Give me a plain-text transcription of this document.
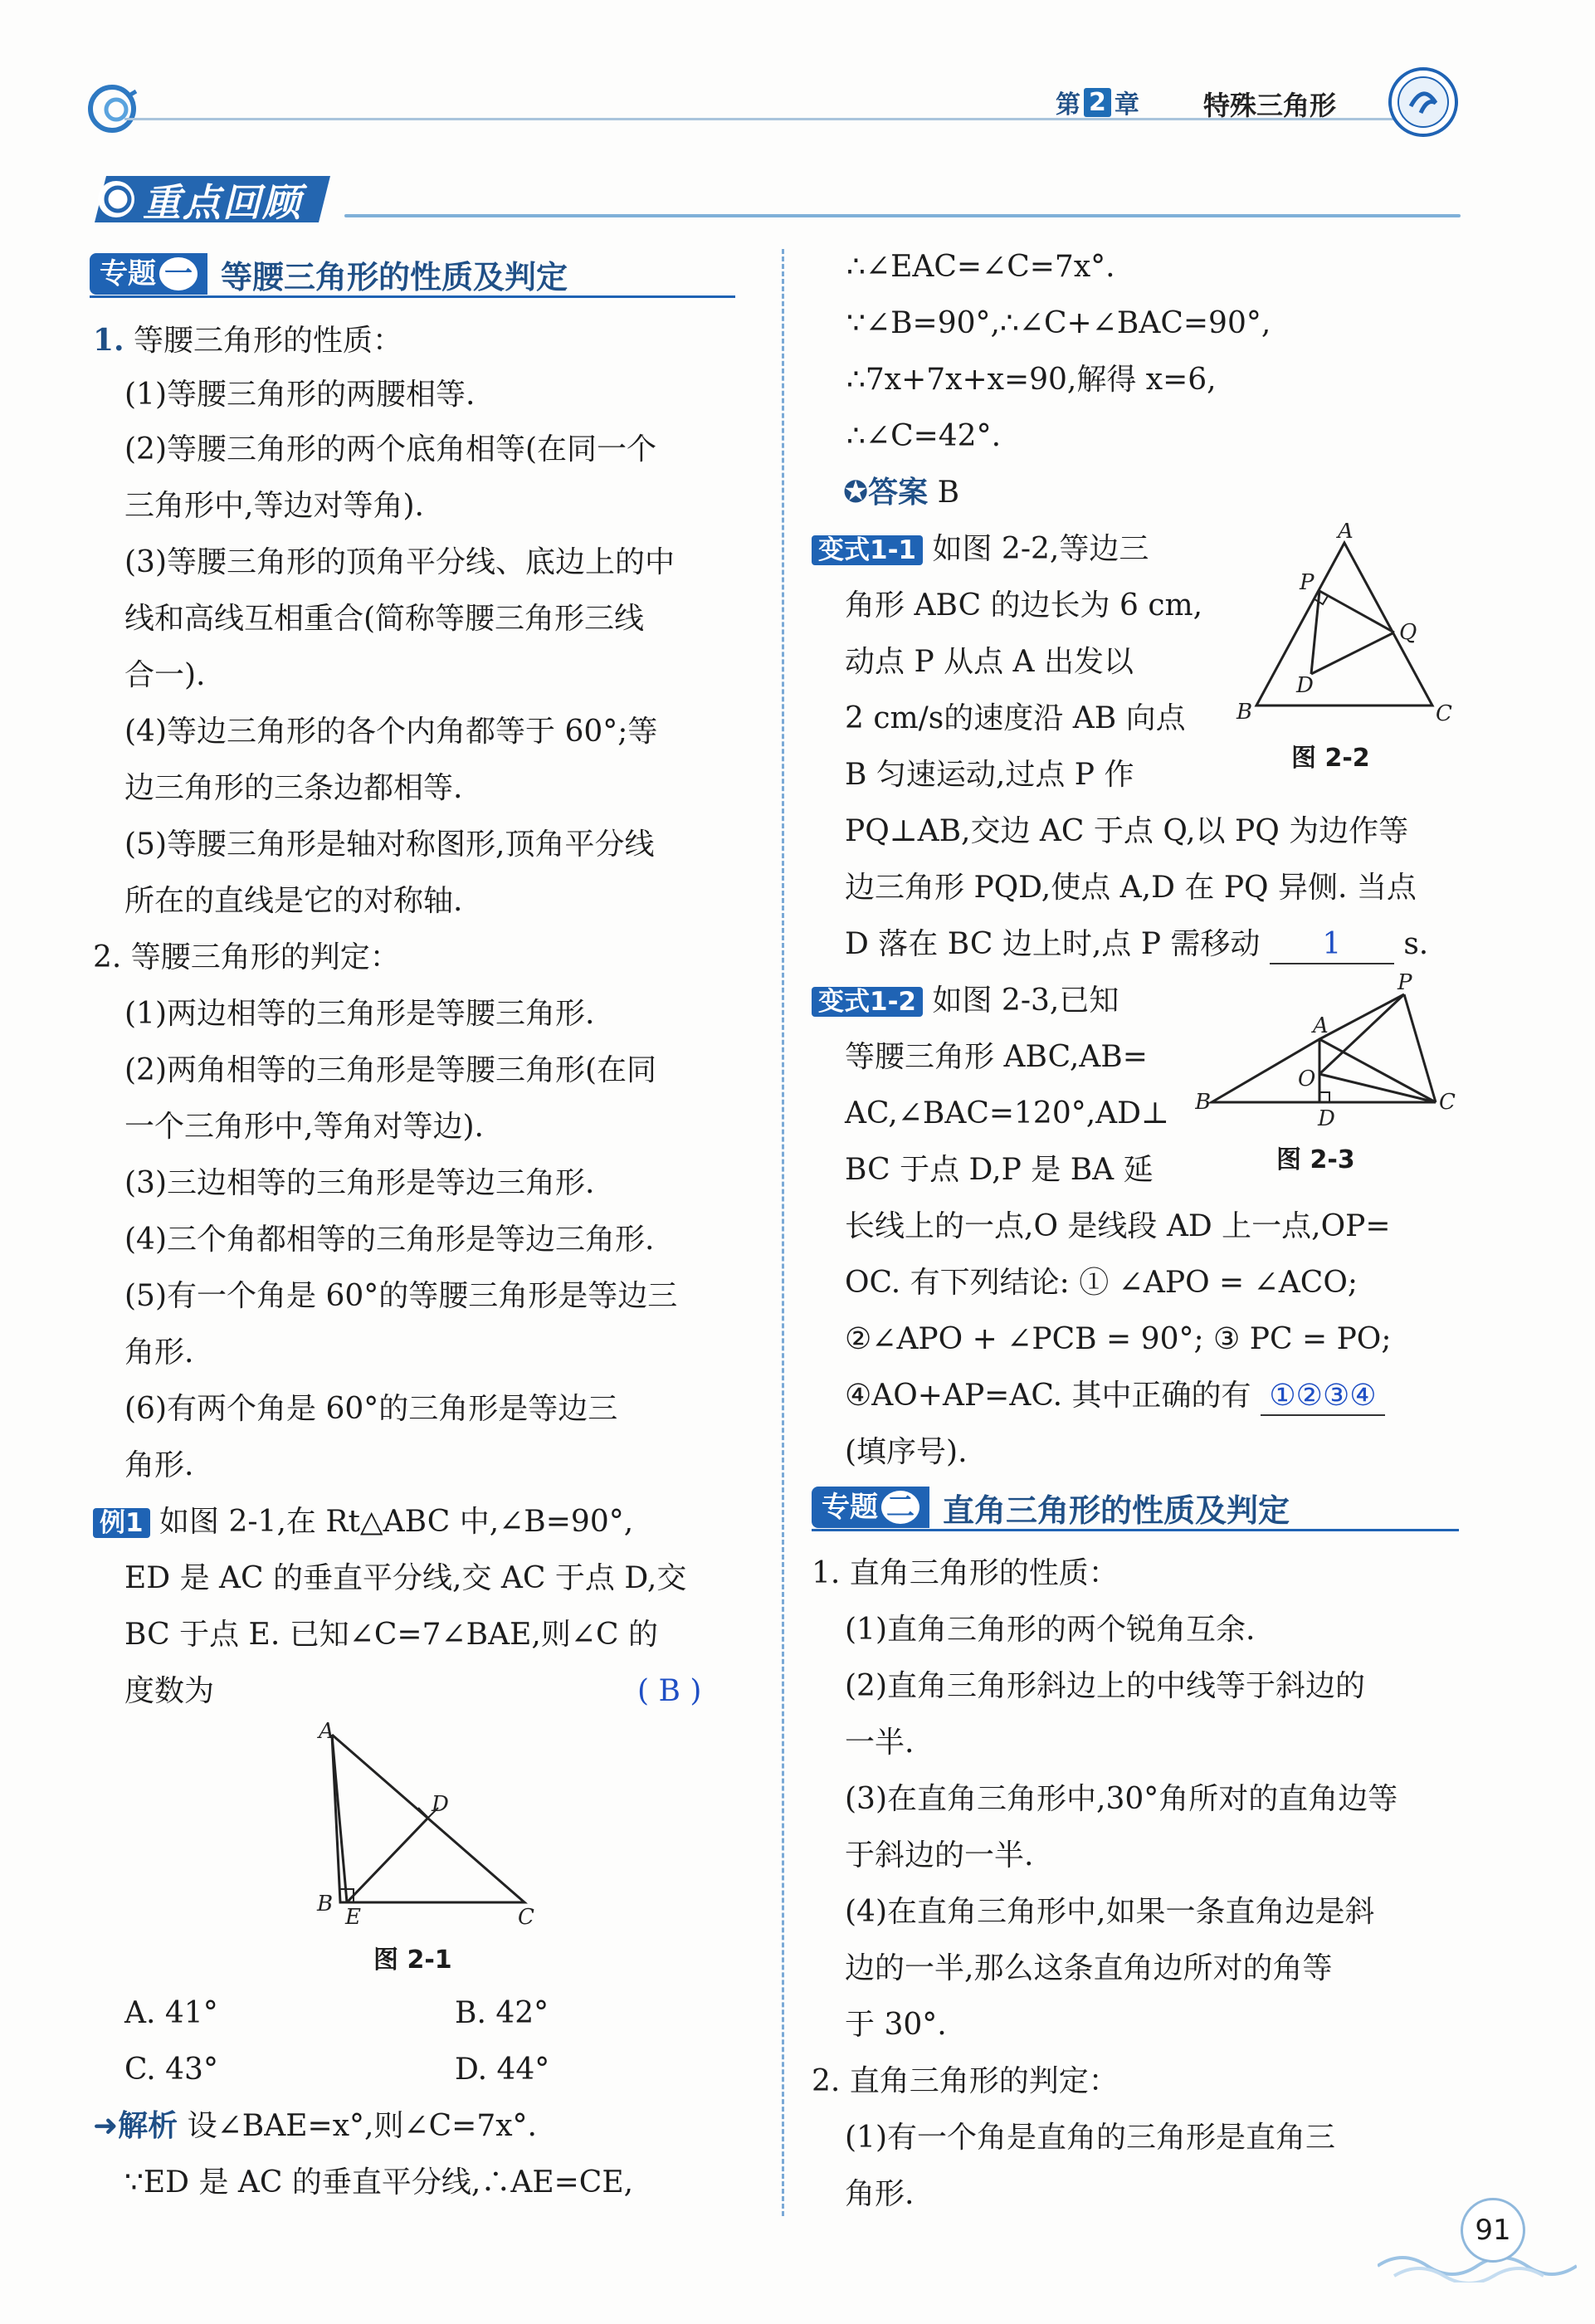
第 2 章 特殊三角形
重点回顾
专题 一 等腰三角形的性质及判定
1. 等腰三角形的性质：
(1)等腰三角形的两腰相等.
(2)等腰三角形的两个底角相等(在同一个
三角形中,等边对等角).
(3)等腰三角形的顶角平分线、底边上的中
线和高线互相重合(简称等腰三角形三线
合一).
(4)等边三角形的各个内角都等于 60°;等
边三角形的三条边都相等.
(5)等腰三角形是轴对称图形,顶角平分线
所在的直线是它的对称轴.
2. 等腰三角形的判定：
(1)两边相等的三角形是等腰三角形.
(2)两角相等的三角形是等腰三角形(在同
一个三角形中,等角对等边).
(3)三边相等的三角形是等边三角形.
(4)三个角都相等的三角形是等边三角形.
(5)有一个角是 60°的等腰三角形是等边三
角形.
(6)有两个角是 60°的三角形是等边三
角形.
例1 如图 2-1,在 Rt△ABC 中,∠B=90°,
ED 是 AC 的垂直平分线,交 AC 于点 D,交
BC 于点 E. 已知∠C=7∠BAE,则∠C 的
度数为	( B )
A
D
B
E	C
图 2-1
A. 41°	B. 42°
C. 43°	D. 44°
➜解析 设∠BAE=x°,则∠C=7x°.
∵ED 是 AC 的垂直平分线,∴AE=CE,
∴∠EAC=∠C=7x°.
∵∠B=90°,∴∠C+∠BAC=90°,
∴7x+7x+x=90,解得 x=6,
∴∠C=42°.
✪答案 B
变式1-1 如图 2-2,等边三
角形 ABC 的边长为 6 cm,
动点 P 从点 A 出发以
2 cm/s的速度沿 AB 向点
B 匀速运动,过点 P 作
PQ⊥AB,交边 AC 于点 Q,以 PQ 为边作等
边三角形 PQD,使点 A,D 在 PQ 异侧. 当点
D 落在 BC 边上时,点 P 需移动 1 s.
A
P
Q
D
B	C
图 2-2
变式1-2 如图 2-3,已知
等腰三角形 ABC,AB=
AC,∠BAC=120°,AD⊥
BC 于点 D,P 是 BA 延
长线上的一点,O 是线段 AD 上一点,OP=
OC. 有下列结论: ① ∠APO = ∠ACO;
②∠APO + ∠PCB = 90°; ③ PC = PO;
④AO+AP=AC. 其中正确的有 ①②③④
(填序号).
P
A
O
B
D
C
图 2-3
专题 二 直角三角形的性质及判定
1. 直角三角形的性质：
(1)直角三角形的两个锐角互余.
(2)直角三角形斜边上的中线等于斜边的
一半.
(3)在直角三角形中,30°角所对的直角边等
于斜边的一半.
(4)在直角三角形中,如果一条直角边是斜
边的一半,那么这条直角边所对的角等
于 30°.
2. 直角三角形的判定：
(1)有一个角是直角的三角形是直角三
角形.
91
